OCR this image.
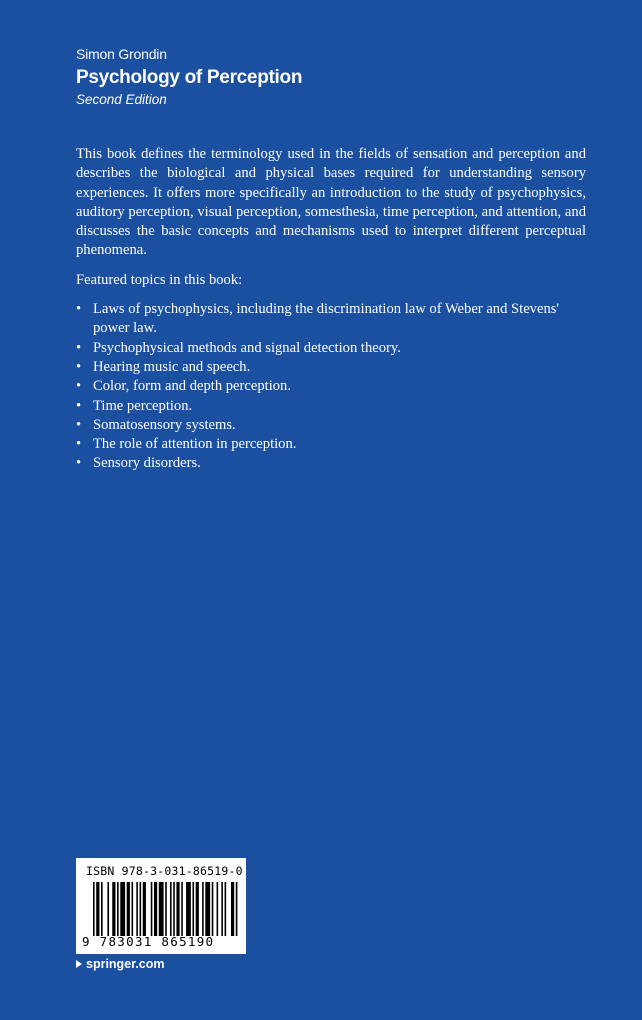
Simon Grondin
Psychology of Perception
Second Edition

This book defines the terminology used in the fields of sensation and perception and describes the biological and physical bases required for understanding sensory experiences. It offers more specifically an introduction to the study of psychophysics, auditory perception, visual perception, somesthesia, time perception, and attention, and discusses the basic concepts and mechanisms used to interpret different perceptual phenomena.

Featured topics in this book:

• Laws of psychophysics, including the discrimination law of Weber and Stevens' power law.
• Psychophysical methods and signal detection theory.
• Hearing music and speech.
• Color, form and depth perception.
• Time perception.
• Somatosensory systems.
• The role of attention in perception.
• Sensory disorders.
ISBN 978-3-031-86519-0
9 783031 865190
springer.com
